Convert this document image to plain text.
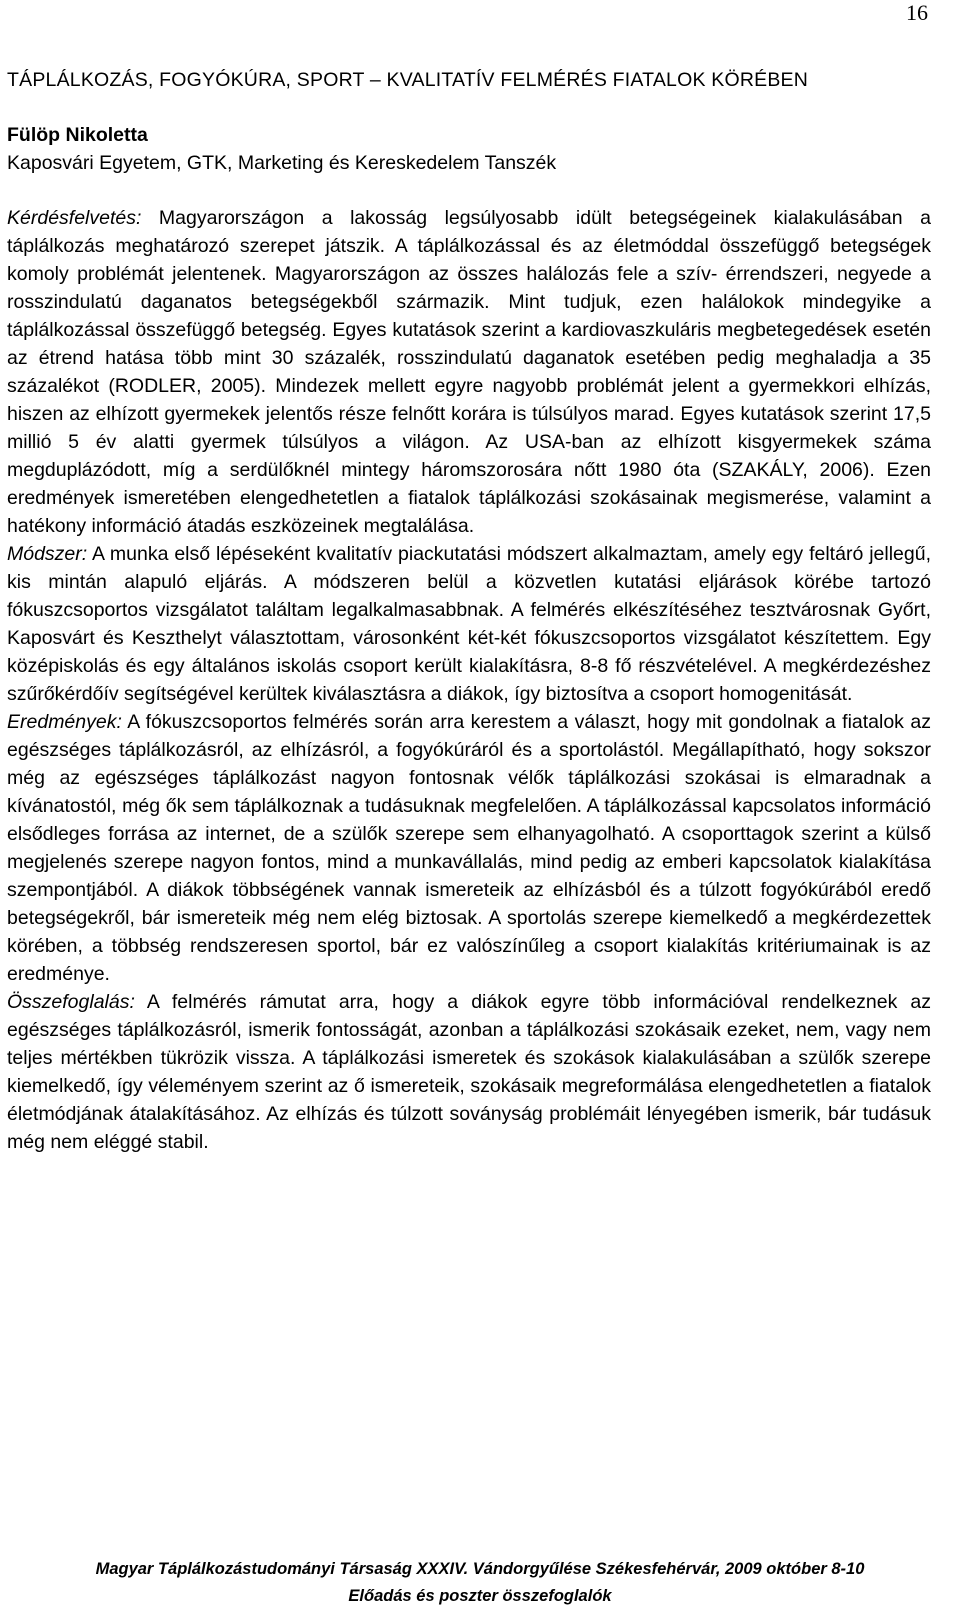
16
TÁPLÁLKOZÁS, FOGYÓKÚRA, SPORT – KVALITATÍV FELMÉRÉS FIATALOK KÖRÉBEN
Fülöp Nikoletta
Kaposvári Egyetem, GTK, Marketing és Kereskedelem Tanszék
Kérdésfelvetés: Magyarországon a lakosság legsúlyosabb idült betegségeinek kialakulásában a táplálkozás meghatározó szerepet játszik. A táplálkozással és az életmóddal összefüggő betegségek komoly problémát jelentenek. Magyarországon az összes halálozás fele a szív- érrendszeri, negyede a rosszindulatú daganatos betegségekből származik. Mint tudjuk, ezen halálokok mindegyike a táplálkozással összefüggő betegség. Egyes kutatások szerint a kardiovaszkuláris megbetegedések esetén az étrend hatása több mint 30 százalék, rosszindulatú daganatok esetében pedig meghaladja a 35 százalékot (RODLER, 2005). Mindezek mellett egyre nagyobb problémát jelent a gyermekkori elhízás, hiszen az elhízott gyermekek jelentős része felnőtt korára is túlsúlyos marad. Egyes kutatások szerint 17,5 millió 5 év alatti gyermek túlsúlyos a világon. Az USA-ban az elhízott kisgyermekek száma megduplázódott, míg a serdülőknél mintegy háromszorosára nőtt 1980 óta (SZAKÁLY, 2006). Ezen eredmények ismeretében elengedhetetlen a fiatalok táplálkozási szokásainak megismerése, valamint a hatékony információ átadás eszközeinek megtalálása.
Módszer: A munka első lépéseként kvalitatív piackutatási módszert alkalmaztam, amely egy feltáró jellegű, kis mintán alapuló eljárás. A módszeren belül a közvetlen kutatási eljárások körébe tartozó fókuszcsoportos vizsgálatot találtam legalkalmasabbnak. A felmérés elkészítéséhez tesztvárosnak Győrt, Kaposvárt és Keszthelyt választottam, városonként két-két fókuszcsoportos vizsgálatot készítettem. Egy középiskolás és egy általános iskolás csoport került kialakításra, 8-8 fő részvételével. A megkérdezéshez szűrőkérdőív segítségével kerültek kiválasztásra a diákok, így biztosítva a csoport homogenitását.
Eredmények: A fókuszcsoportos felmérés során arra kerestem a választ, hogy mit gondolnak a fiatalok az egészséges táplálkozásról, az elhízásról, a fogyókúráról és a sportolástól. Megállapítható, hogy sokszor még az egészséges táplálkozást nagyon fontosnak vélők táplálkozási szokásai is elmaradnak a kívánatostól, még ők sem táplálkoznak a tudásuknak megfelelően. A táplálkozással kapcsolatos információ elsődleges forrása az internet, de a szülők szerepe sem elhanyagolható. A csoporttagok szerint a külső megjelenés szerepe nagyon fontos, mind a munkavállalás, mind pedig az emberi kapcsolatok kialakítása szempontjából. A diákok többségének vannak ismereteik az elhízásból és a túlzott fogyókúrából eredő betegségekről, bár ismereteik még nem elég biztosak. A sportolás szerepe kiemelkedő a megkérdezettek körében, a többség rendszeresen sportol, bár ez valószínűleg a csoport kialakítás kritériumainak is az eredménye.
Összefoglalás: A felmérés rámutat arra, hogy a diákok egyre több információval rendelkeznek az egészséges táplálkozásról, ismerik fontosságát, azonban a táplálkozási szokásaik ezeket, nem, vagy nem teljes mértékben tükrözik vissza. A táplálkozási ismeretek és szokások kialakulásában a szülők szerepe kiemelkedő, így véleményem szerint az ő ismereteik, szokásaik megreformálása elengedhetetlen a fiatalok életmódjának átalakításához. Az elhízás és túlzott soványság problémáit lényegében ismerik, bár tudásuk még nem eléggé stabil.
Magyar Táplálkozástudományi Társaság XXXIV. Vándorgyűlése Székesfehérvár, 2009 október 8-10
Előadás és poszter összefoglalók
